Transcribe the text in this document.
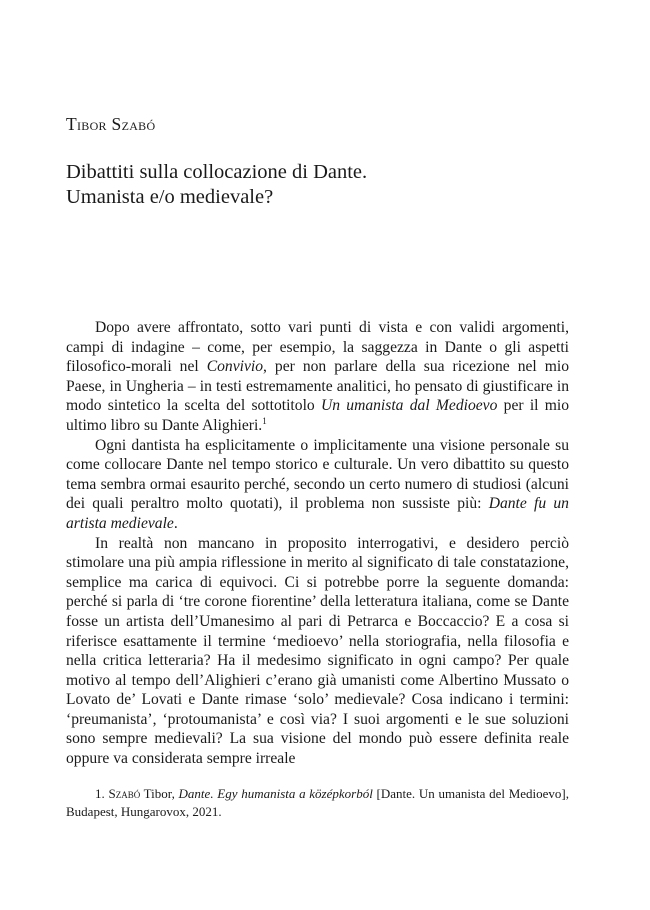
Tibor Szabó
Dibattiti sulla collocazione di Dante.
Umanista e/o medievale?

Dopo avere affrontato, sotto vari punti di vista e con validi argomenti, campi di indagine – come, per esempio, la saggezza in Dante o gli aspetti filosofico-morali nel Convivio, per non parlare della sua ricezione nel mio Paese, in Ungheria – in testi estremamente analitici, ho pensato di giustificare in modo sintetico la scelta del sottotitolo Un umanista dal Medioevo per il mio ultimo libro su Dante Alighieri.$^1$

Ogni dantista ha esplicitamente o implicitamente una visione personale su come collocare Dante nel tempo storico e culturale. Un vero dibattito su questo tema sembra ormai esaurito perché, secondo un certo numero di studiosi (alcuni dei quali peraltro molto quotati), il problema non sussiste più: Dante fu un artista medievale.

In realtà non mancano in proposito interrogativi, e desidero perciò stimolare una più ampia riflessione in merito al significato di tale constatazione, semplice ma carica di equivoci. Ci si potrebbe porre la seguente domanda: perché si parla di ‘tre corone fiorentine’ della letteratura italiana, come se Dante fosse un artista dell’Umanesimo al pari di Petrarca e Boccaccio? E a cosa si riferisce esattamente il termine ‘medioevo’ nella storiografia, nella filosofia e nella critica letteraria? Ha il medesimo significato in ogni campo? Per quale motivo al tempo dell’Alighieri c’erano già umanisti come Albertino Mussato o Lovato de’ Lovati e Dante rimase ‘solo’ medievale? Cosa indicano i termini: ‘preumanista’, ‘protoumanista’ e così via? I suoi argomenti e le sue soluzioni sono sempre medievali? La sua visione del mondo può essere definita reale oppure va considerata sempre irreale

1. Szabó Tibor, Dante. Egy humanista a középkorból [Dante. Un umanista del Medioevo], Budapest, Hungarovox, 2021.
